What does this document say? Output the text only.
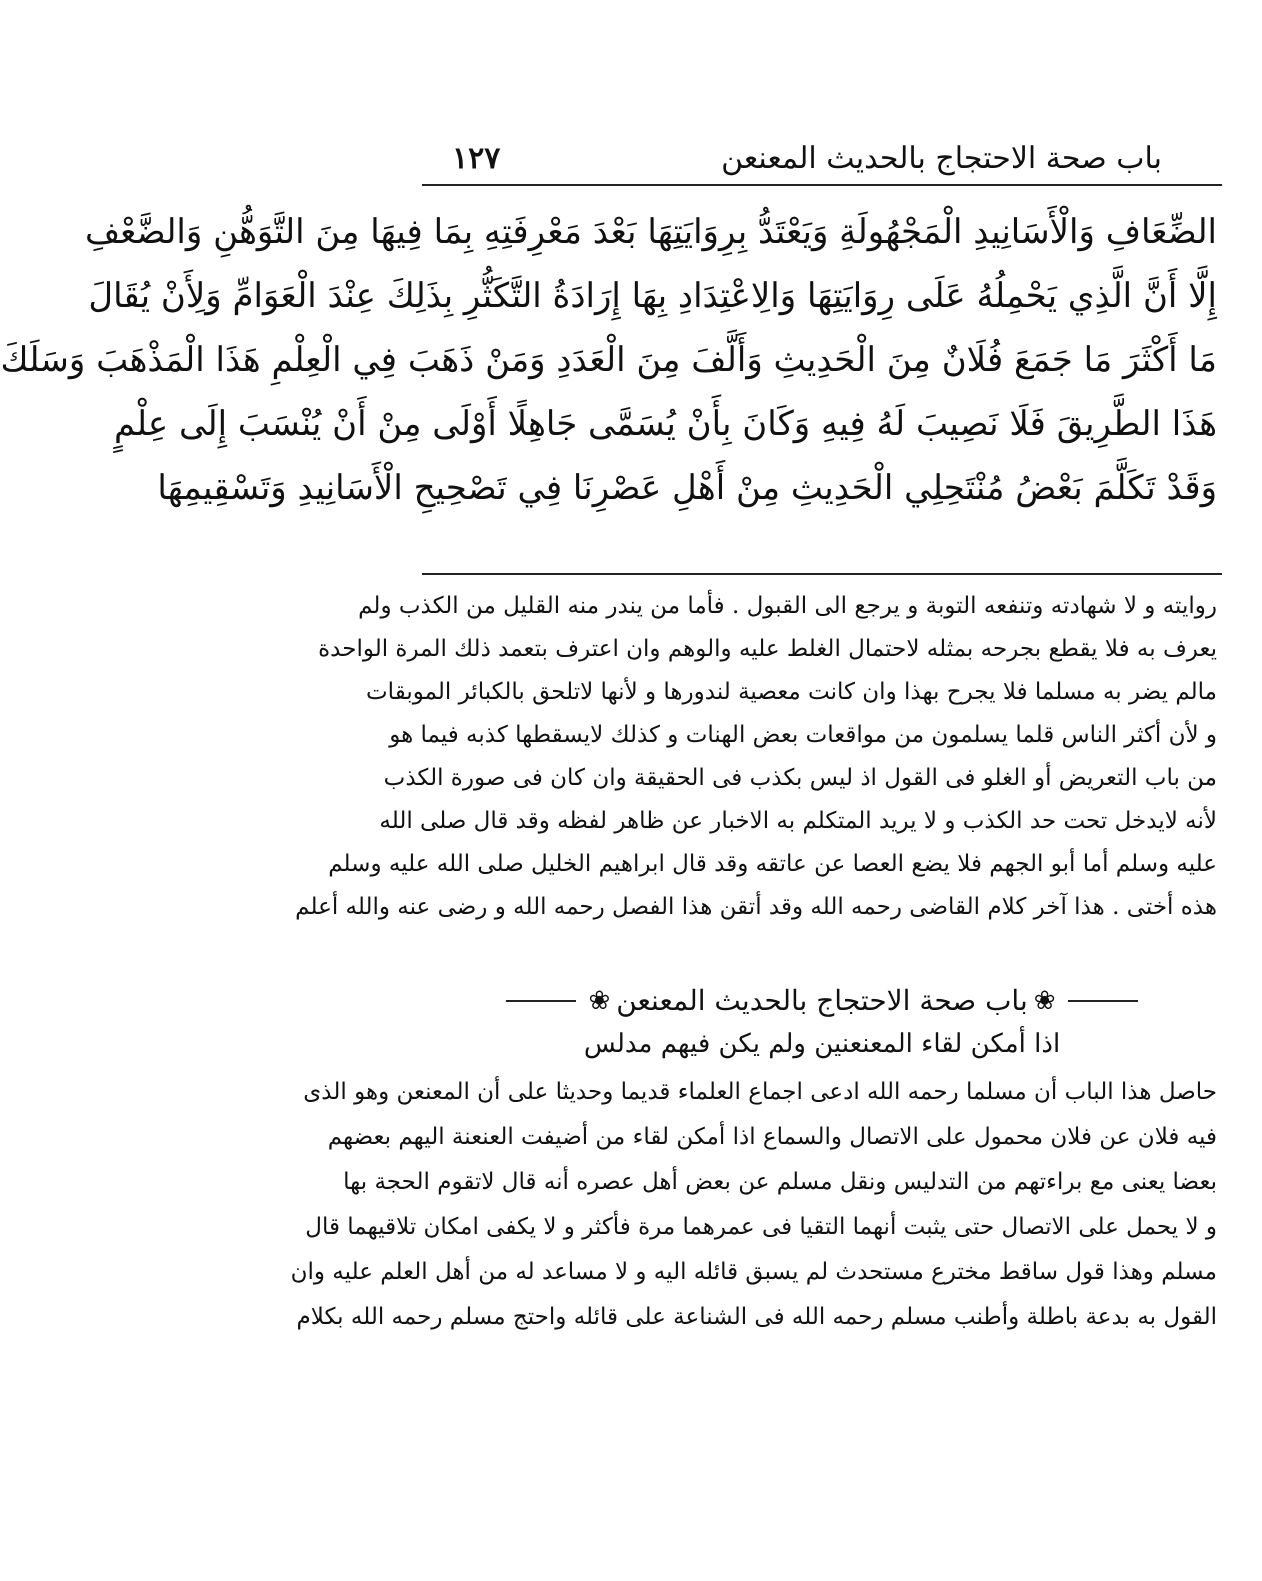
باب صحة الاحتجاج بالحديث المعنعن
١٢٧
الضِّعَافِ وَالْأَسَانِيدِ الْمَجْهُولَةِ وَيَعْتَدُّ بِرِوَايَتِهَا بَعْدَ مَعْرِفَتِهِ بِمَا فِيهَا مِنَ التَّوَهُّنِ وَالضَّعْفِ
إِلَّا أَنَّ الَّذِي يَحْمِلُهُ عَلَى رِوَايَتِهَا وَالِاعْتِدَادِ بِهَا إِرَادَةُ التَّكَثُّرِ بِذَلِكَ عِنْدَ الْعَوَامِّ وَلِأَنْ يُقَالَ
مَا أَكْثَرَ مَا جَمَعَ فُلَانٌ مِنَ الْحَدِيثِ وَأَلَّفَ مِنَ الْعَدَدِ وَمَنْ ذَهَبَ فِي الْعِلْمِ هَذَا الْمَذْهَبَ وَسَلَكَ
هَذَا الطَّرِيقَ فَلَا نَصِيبَ لَهُ فِيهِ وَكَانَ بِأَنْ يُسَمَّى جَاهِلًا أَوْلَى مِنْ أَنْ يُنْسَبَ إِلَى عِلْمٍ
وَقَدْ تَكَلَّمَ بَعْضُ مُنْتَحِلِي الْحَدِيثِ مِنْ أَهْلِ عَصْرِنَا فِي تَصْحِيحِ الْأَسَانِيدِ وَتَسْقِيمِهَا
روايته و لا شهادته وتنفعه التوبة و يرجع الى القبول . فأما من يندر منه القليل من الكذب ولم
يعرف به فلا يقطع بجرحه بمثله لاحتمال الغلط عليه والوهم وان اعترف بتعمد ذلك المرة الواحدة
مالم يضر به مسلما فلا يجرح بهذا وان كانت معصية لندورها و لأنها لاتلحق بالكبائر الموبقات
و لأن أكثر الناس قلما يسلمون من مواقعات بعض الهنات و كذلك لايسقطها كذبه فيما هو
من باب التعريض أو الغلو فى القول اذ ليس بكذب فى الحقيقة وان كان فى صورة الكذب
لأنه لايدخل تحت حد الكذب و لا يريد المتكلم به الاخبار عن ظاهر لفظه وقد قال صلى الله
عليه وسلم أما أبو الجهم فلا يضع العصا عن عاتقه وقد قال ابراهيم الخليل صلى الله عليه وسلم
هذه أختى . هذا آخر كلام القاضى رحمه الله وقد أتقن هذا الفصل رحمه الله و رضى عنه والله أعلم
❀
باب صحة الاحتجاج بالحديث المعنعن
❀
اذا أمكن لقاء المعنعنين ولم يكن فيهم مدلس
حاصل هذا الباب أن مسلما رحمه الله ادعى اجماع العلماء قديما وحديثا على أن المعنعن وهو الذى
فيه فلان عن فلان محمول على الاتصال والسماع اذا أمكن لقاء من أضيفت العنعنة اليهم بعضهم
بعضا يعنى مع براءتهم من التدليس ونقل مسلم عن بعض أهل عصره أنه قال لاتقوم الحجة بها
و لا يحمل على الاتصال حتى يثبت أنهما التقيا فى عمرهما مرة فأكثر و لا يكفى امكان تلاقيهما قال
مسلم وهذا قول ساقط مخترع مستحدث لم يسبق قائله اليه و لا مساعد له من أهل العلم عليه وان
القول به بدعة باطلة وأطنب مسلم رحمه الله فى الشناعة على قائله واحتج مسلم رحمه الله بكلام
